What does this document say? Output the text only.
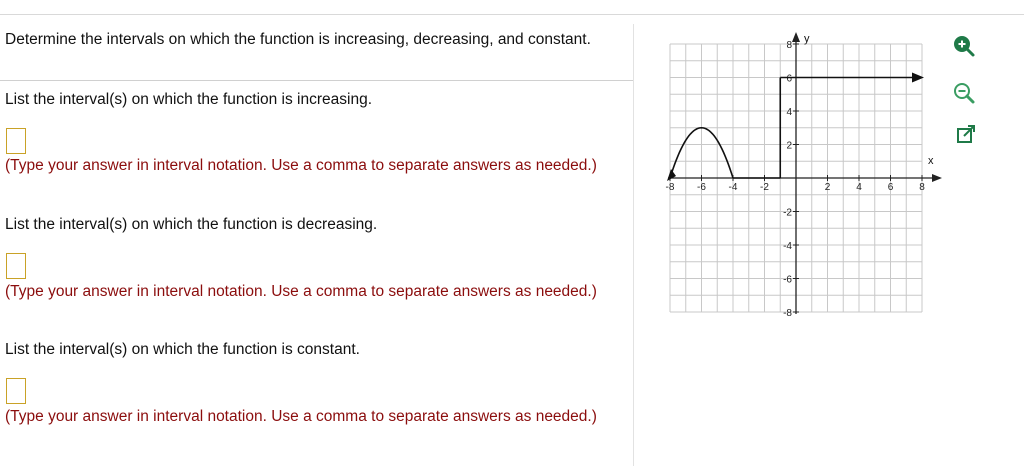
Determine the intervals on which the function is increasing, decreasing, and constant.
List the interval(s) on which the function is increasing.
(Type your answer in interval notation. Use a comma to separate answers as needed.)
List the interval(s) on which the function is decreasing.
(Type your answer in interval notation. Use a comma to separate answers as needed.)
List the interval(s) on which the function is constant.
(Type your answer in interval notation. Use a comma to separate answers as needed.)
-8 -6 -4 -2	2	4	6	8
8
6
4
2
-2
-4
-6
-8
x
y
